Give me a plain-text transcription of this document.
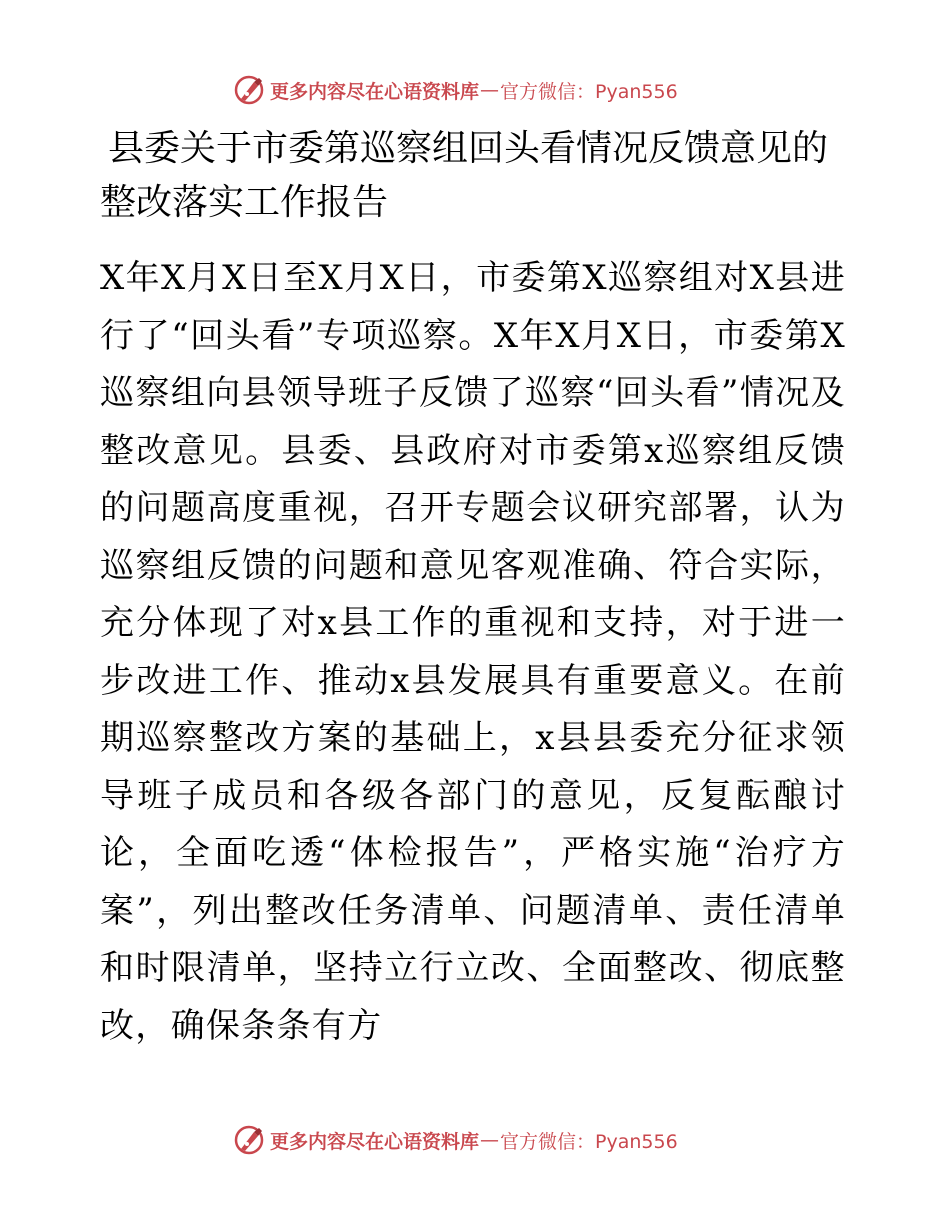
更多内容尽在心语资料库 — 官方微信：Pyan556
县委关于市委第巡察组回头看情况反馈意见的整改落实工作报告

X年X月X日至X月X日，市委第X巡察组对X县进行了“回头看”专项巡察。X年X月X日，市委第X巡察组向县领导班子反馈了巡察“回头看”情况及整改意见。县委、县政府对市委第x巡察组反馈的问题高度重视，召开专题会议研究部署，认为巡察组反馈的问题和意见客观准确、符合实际，充分体现了对x县工作的重视和支持，对于进一步改进工作、推动x县发展具有重要意义。在前期巡察整改方案的基础上，x县县委充分征求领导班子成员和各级各部门的意见，反复酝酿讨论，全面吃透“体检报告”，严格实施“治疗方案”，列出整改任务清单、问题清单、责任清单和时限清单，坚持立行立改、全面整改、彻底整改，确保条条有方

更多内容尽在心语资料库 — 官方微信：Pyan556
